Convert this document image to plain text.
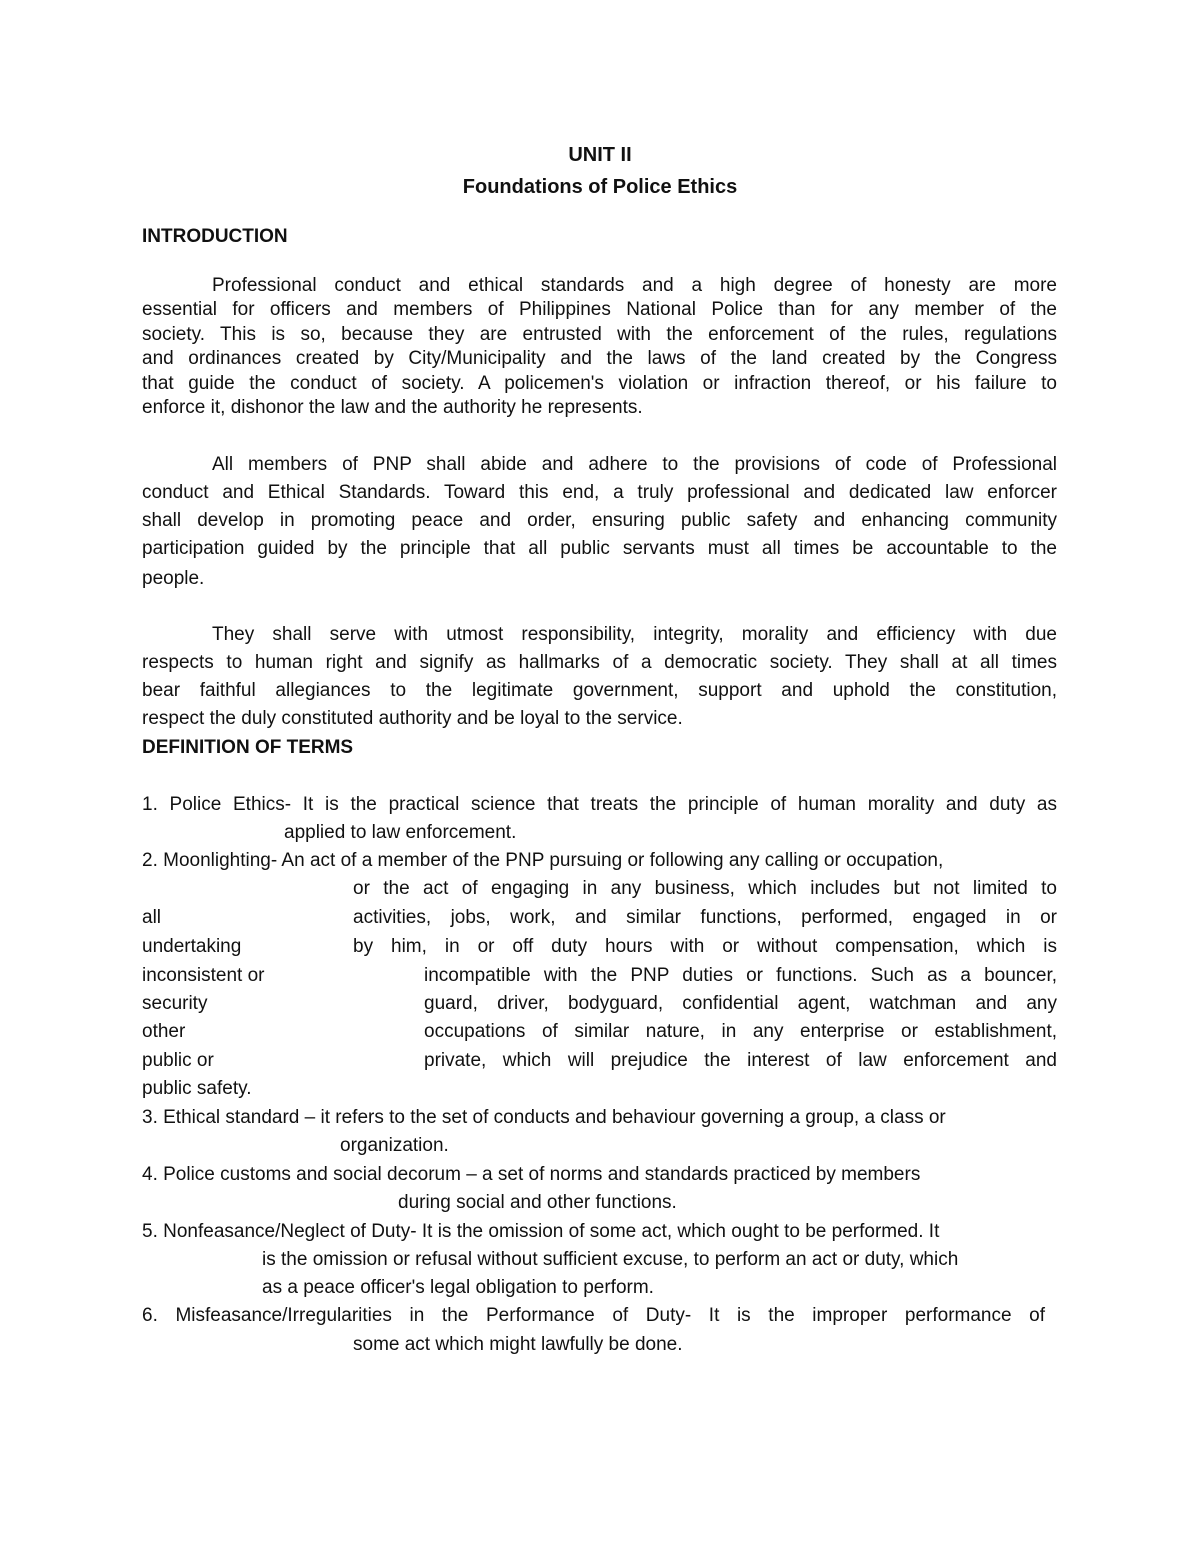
UNIT II

Foundations of Police Ethics

INTRODUCTION

Professional conduct and ethical standards and a high degree of honesty are more

essential for officers and members of Philippines National Police than for any member of the

society. This is so, because they are entrusted with the enforcement of the rules, regulations

and ordinances created by City/Municipality and the laws of the land created by the Congress

that guide the conduct of society. A policemen's violation or infraction thereof, or his failure to

enforce it, dishonor the law and the authority he represents.

All members of PNP shall abide and adhere to the provisions of code of Professional

conduct and Ethical Standards. Toward this end, a truly professional and dedicated law enforcer

shall develop in promoting peace and order, ensuring public safety and enhancing community

participation guided by the principle that all public servants must all times be accountable to the

people.

They shall serve with utmost responsibility, integrity, morality and efficiency with due

respects to human right and signify as hallmarks of a democratic society. They shall at all times

bear faithful allegiances to the legitimate government, support and uphold the constitution,

respect the duly constituted authority and be loyal to the service.

DEFINITION OF TERMS

1. Police Ethics- It is the practical science that treats the principle of human morality and duty as

applied to law enforcement.

2. Moonlighting- An act of a member of the PNP pursuing or following any calling or occupation,

or the act of engaging in any business, which includes but not limited to

all	activities, jobs, work, and similar functions, performed, engaged in or

undertaking	by him, in or off duty hours with or without compensation, which is

inconsistent or	incompatible with the PNP duties or functions. Such as a bouncer,

security	guard, driver, bodyguard, confidential agent, watchman and any

other	occupations of similar nature, in any enterprise or establishment,

public or	private, which will prejudice the interest of law enforcement and

public safety.

3. Ethical standard – it refers to the set of conducts and behaviour governing a group, a class or

organization.

4. Police customs and social decorum – a set of norms and standards practiced by members

during social and other functions.

5. Nonfeasance/Neglect of Duty- It is the omission of some act, which ought to be performed. It

is the omission or refusal without sufficient excuse, to perform an act or duty, which

as a peace officer's legal obligation to perform.

6. Misfeasance/Irregularities in the Performance of Duty- It is the improper performance of

some act which might lawfully be done.
